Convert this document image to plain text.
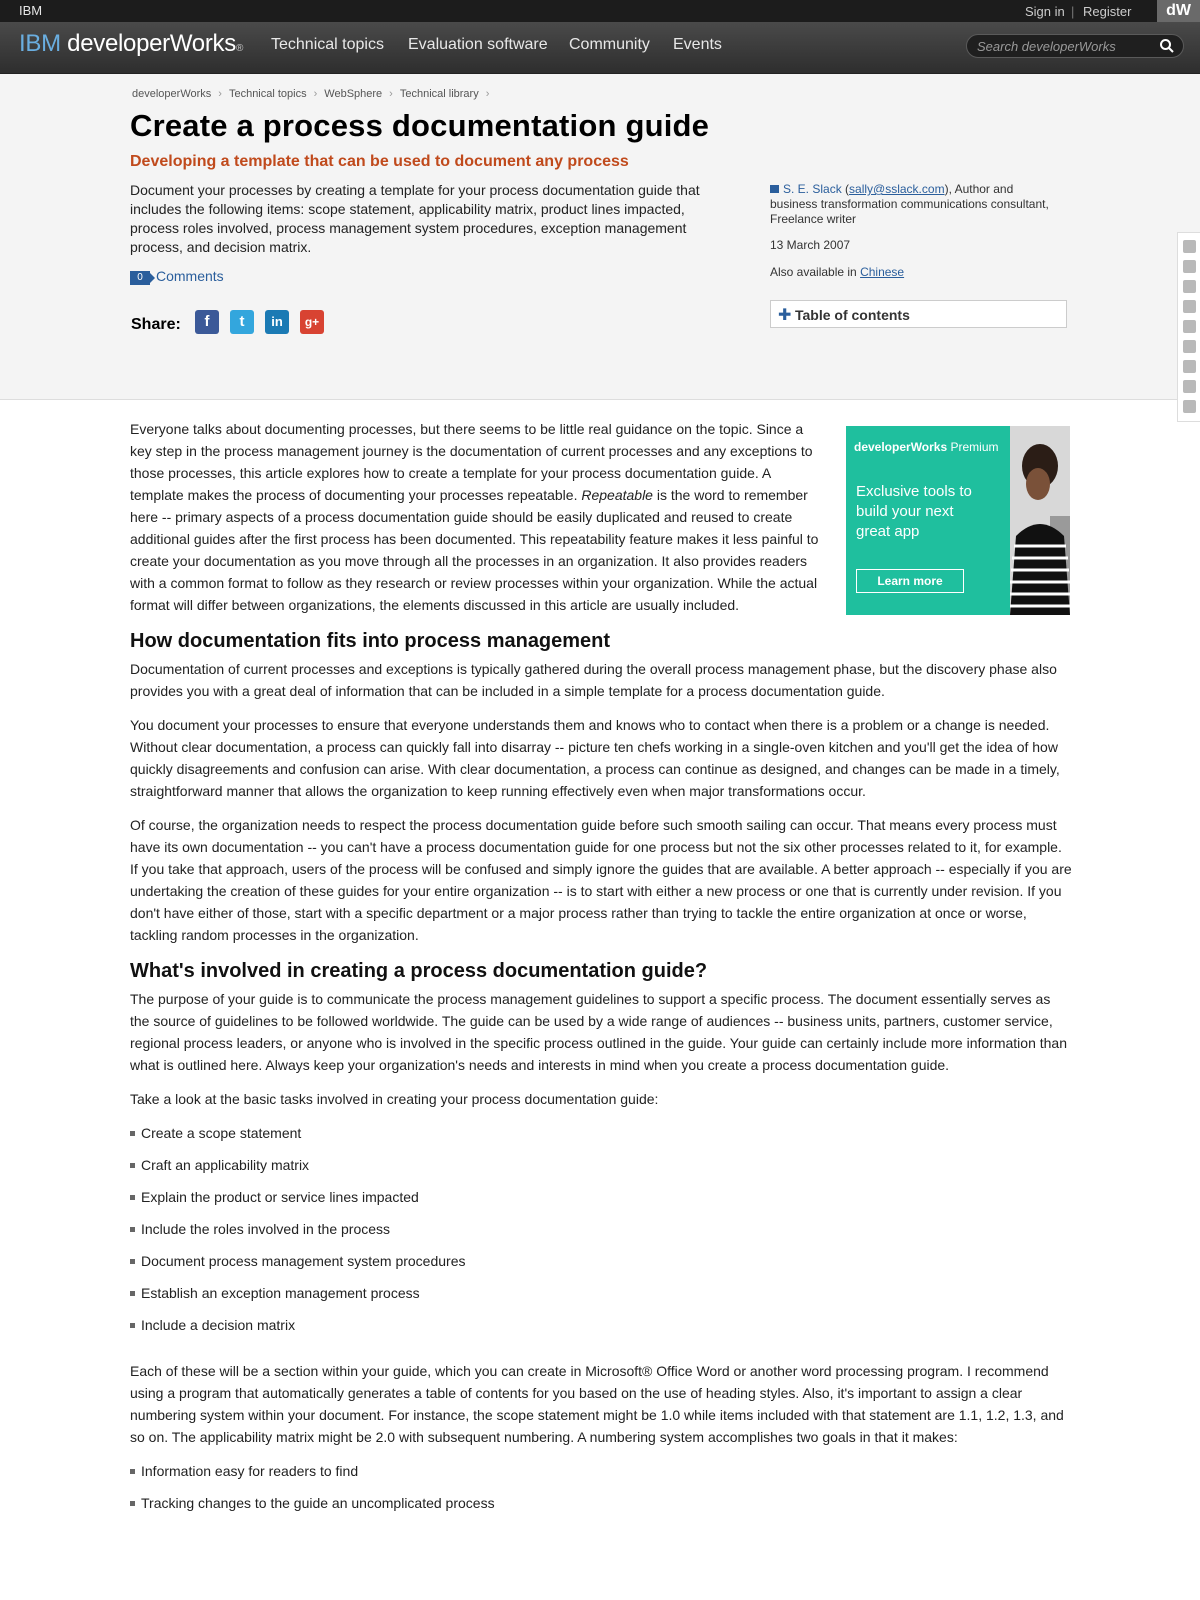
IBM	Sign in | Register	dW
IBM developerWorks® Technical topics Evaluation software Community Events
Search developerWorks
developerWorks › Technical topics › WebSphere › Technical library ›
Create a process documentation guide
Developing a template that can be used to document any process
Document your processes by creating a template for your process documentation guide that includes the following items: scope statement, applicability matrix, product lines impacted, process roles involved, process management system procedures, exception management process, and decision matrix.
0 Comments
Share:	f	t	in	g+
S. E. Slack (sally@sslack.com), Author and business transformation communications consultant, Freelance writer
13 March 2007
Also available in Chinese
✚ Table of contents
developerWorks Premium
Exclusive tools to build your next great app
Learn more

Everyone talks about documenting processes, but there seems to be little real guidance on the topic. Since a key step in the process management journey is the documentation of current processes and any exceptions to those processes, this article explores how to create a template for your process documentation guide. A template makes the process of documenting your processes repeatable. Repeatable is the word to remember here -- primary aspects of a process documentation guide should be easily duplicated and reused to create additional guides after the first process has been documented. This repeatability feature makes it less painful to create your documentation as you move through all the processes in an organization. It also provides readers with a common format to follow as they research or review processes within your organization. While the actual format will differ between organizations, the elements discussed in this article are usually included.

How documentation fits into process management

Documentation of current processes and exceptions is typically gathered during the overall process management phase, but the discovery phase also provides you with a great deal of information that can be included in a simple template for a process documentation guide.

You document your processes to ensure that everyone understands them and knows who to contact when there is a problem or a change is needed. Without clear documentation, a process can quickly fall into disarray -- picture ten chefs working in a single-oven kitchen and you'll get the idea of how quickly disagreements and confusion can arise. With clear documentation, a process can continue as designed, and changes can be made in a timely, straightforward manner that allows the organization to keep running effectively even when major transformations occur.

Of course, the organization needs to respect the process documentation guide before such smooth sailing can occur. That means every process must have its own documentation -- you can't have a process documentation guide for one process but not the six other processes related to it, for example. If you take that approach, users of the process will be confused and simply ignore the guides that are available. A better approach -- especially if you are undertaking the creation of these guides for your entire organization -- is to start with either a new process or one that is currently under revision. If you don't have either of those, start with a specific department or a major process rather than trying to tackle the entire organization at once or worse, tackling random processes in the organization.

What's involved in creating a process documentation guide?

The purpose of your guide is to communicate the process management guidelines to support a specific process. The document essentially serves as the source of guidelines to be followed worldwide. The guide can be used by a wide range of audiences -- business units, partners, customer service, regional process leaders, or anyone who is involved in the specific process outlined in the guide. Your guide can certainly include more information than what is outlined here. Always keep your organization's needs and interests in mind when you create a process documentation guide.

Take a look at the basic tasks involved in creating your process documentation guide:

Create a scope statement
Craft an applicability matrix
Explain the product or service lines impacted
Include the roles involved in the process
Document process management system procedures
Establish an exception management process
Include a decision matrix

Each of these will be a section within your guide, which you can create in Microsoft® Office Word or another word processing program. I recommend using a program that automatically generates a table of contents for you based on the use of heading styles. Also, it's important to assign a clear numbering system within your document. For instance, the scope statement might be 1.0 while items included with that statement are 1.1, 1.2, 1.3, and so on. The applicability matrix might be 2.0 with subsequent numbering. A numbering system accomplishes two goals in that it makes:

Information easy for readers to find
Tracking changes to the guide an uncomplicated process
